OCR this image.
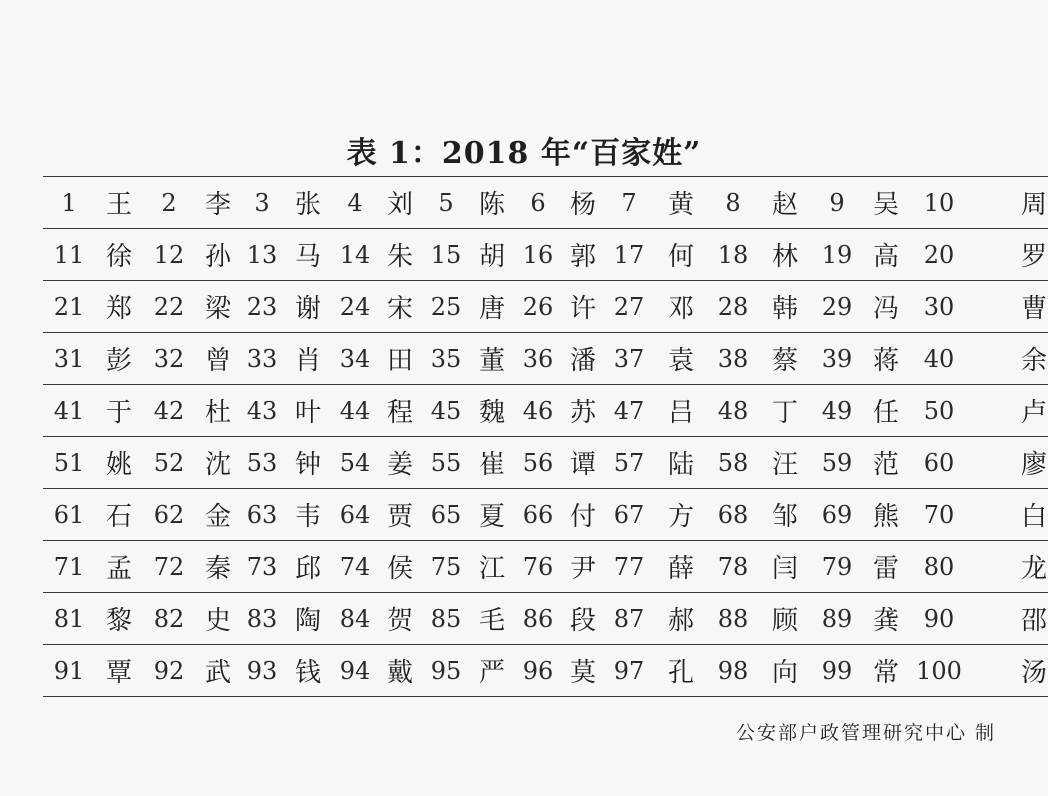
表 1：2018 年“百家姓”
1	王	2	李	3	张	4	刘	5	陈	6	杨	7	黄	8	赵	9	吴	10	周
11	徐	12	孙	13	马	14	朱	15	胡	16	郭	17	何	18	林	19	高	20	罗
21	郑	22	梁	23	谢	24	宋	25	唐	26	许	27	邓	28	韩	29	冯	30	曹
31	彭	32	曾	33	肖	34	田	35	董	36	潘	37	袁	38	蔡	39	蒋	40	余
41	于	42	杜	43	叶	44	程	45	魏	46	苏	47	吕	48	丁	49	任	50	卢
51	姚	52	沈	53	钟	54	姜	55	崔	56	谭	57	陆	58	汪	59	范	60	廖
61	石	62	金	63	韦	64	贾	65	夏	66	付	67	方	68	邹	69	熊	70	白
71	孟	72	秦	73	邱	74	侯	75	江	76	尹	77	薛	78	闫	79	雷	80	龙
81	黎	82	史	83	陶	84	贺	85	毛	86	段	87	郝	88	顾	89	龚	90	邵
91	覃	92	武	93	钱	94	戴	95	严	96	莫	97	孔	98	向	99	常	100	汤
公安部户政管理研究中心 制
